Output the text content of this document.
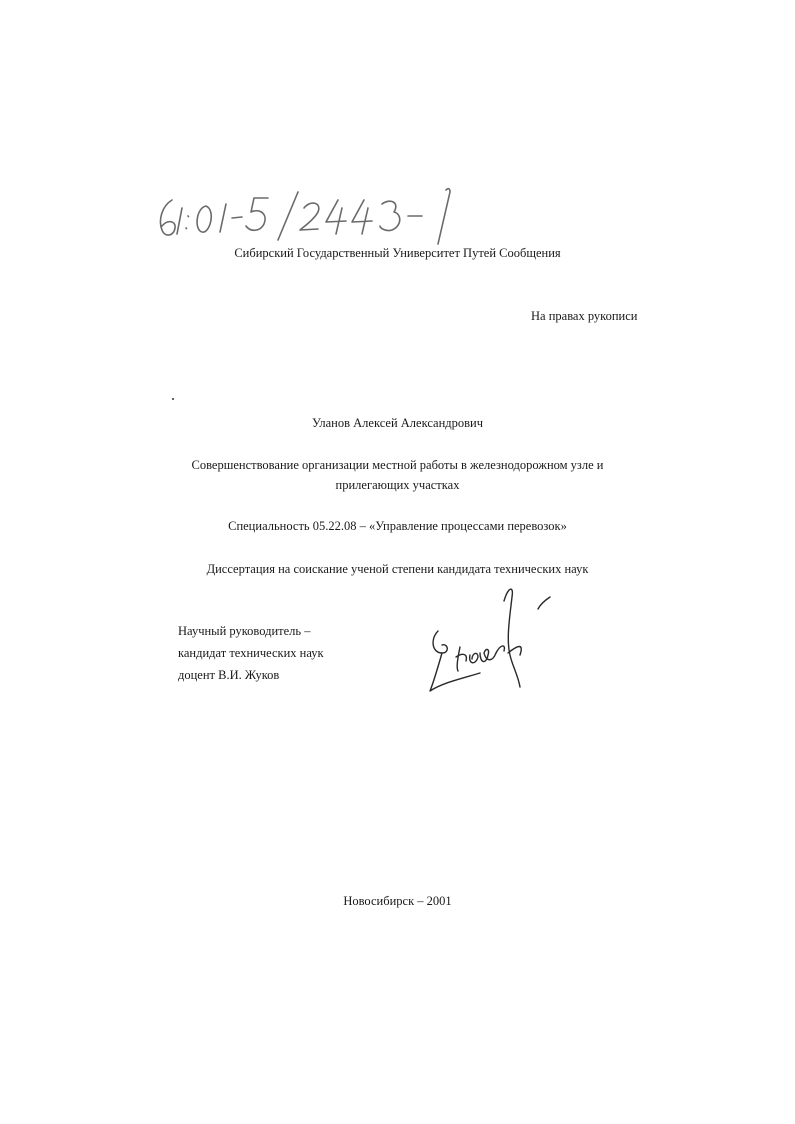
Сибирский Государственный Университет Путей Сообщения
На правах рукописи
Уланов Алексей Александрович
Совершенствование организации местной работы в железнодорожном узле и
прилегающих участках
Специальность 05.22.08 – «Управление процессами перевозок»
Диссертация на соискание ученой степени кандидата технических наук
Научный руководитель –
кандидат технических наук
доцент В.И. Жуков
Новосибирск – 2001
